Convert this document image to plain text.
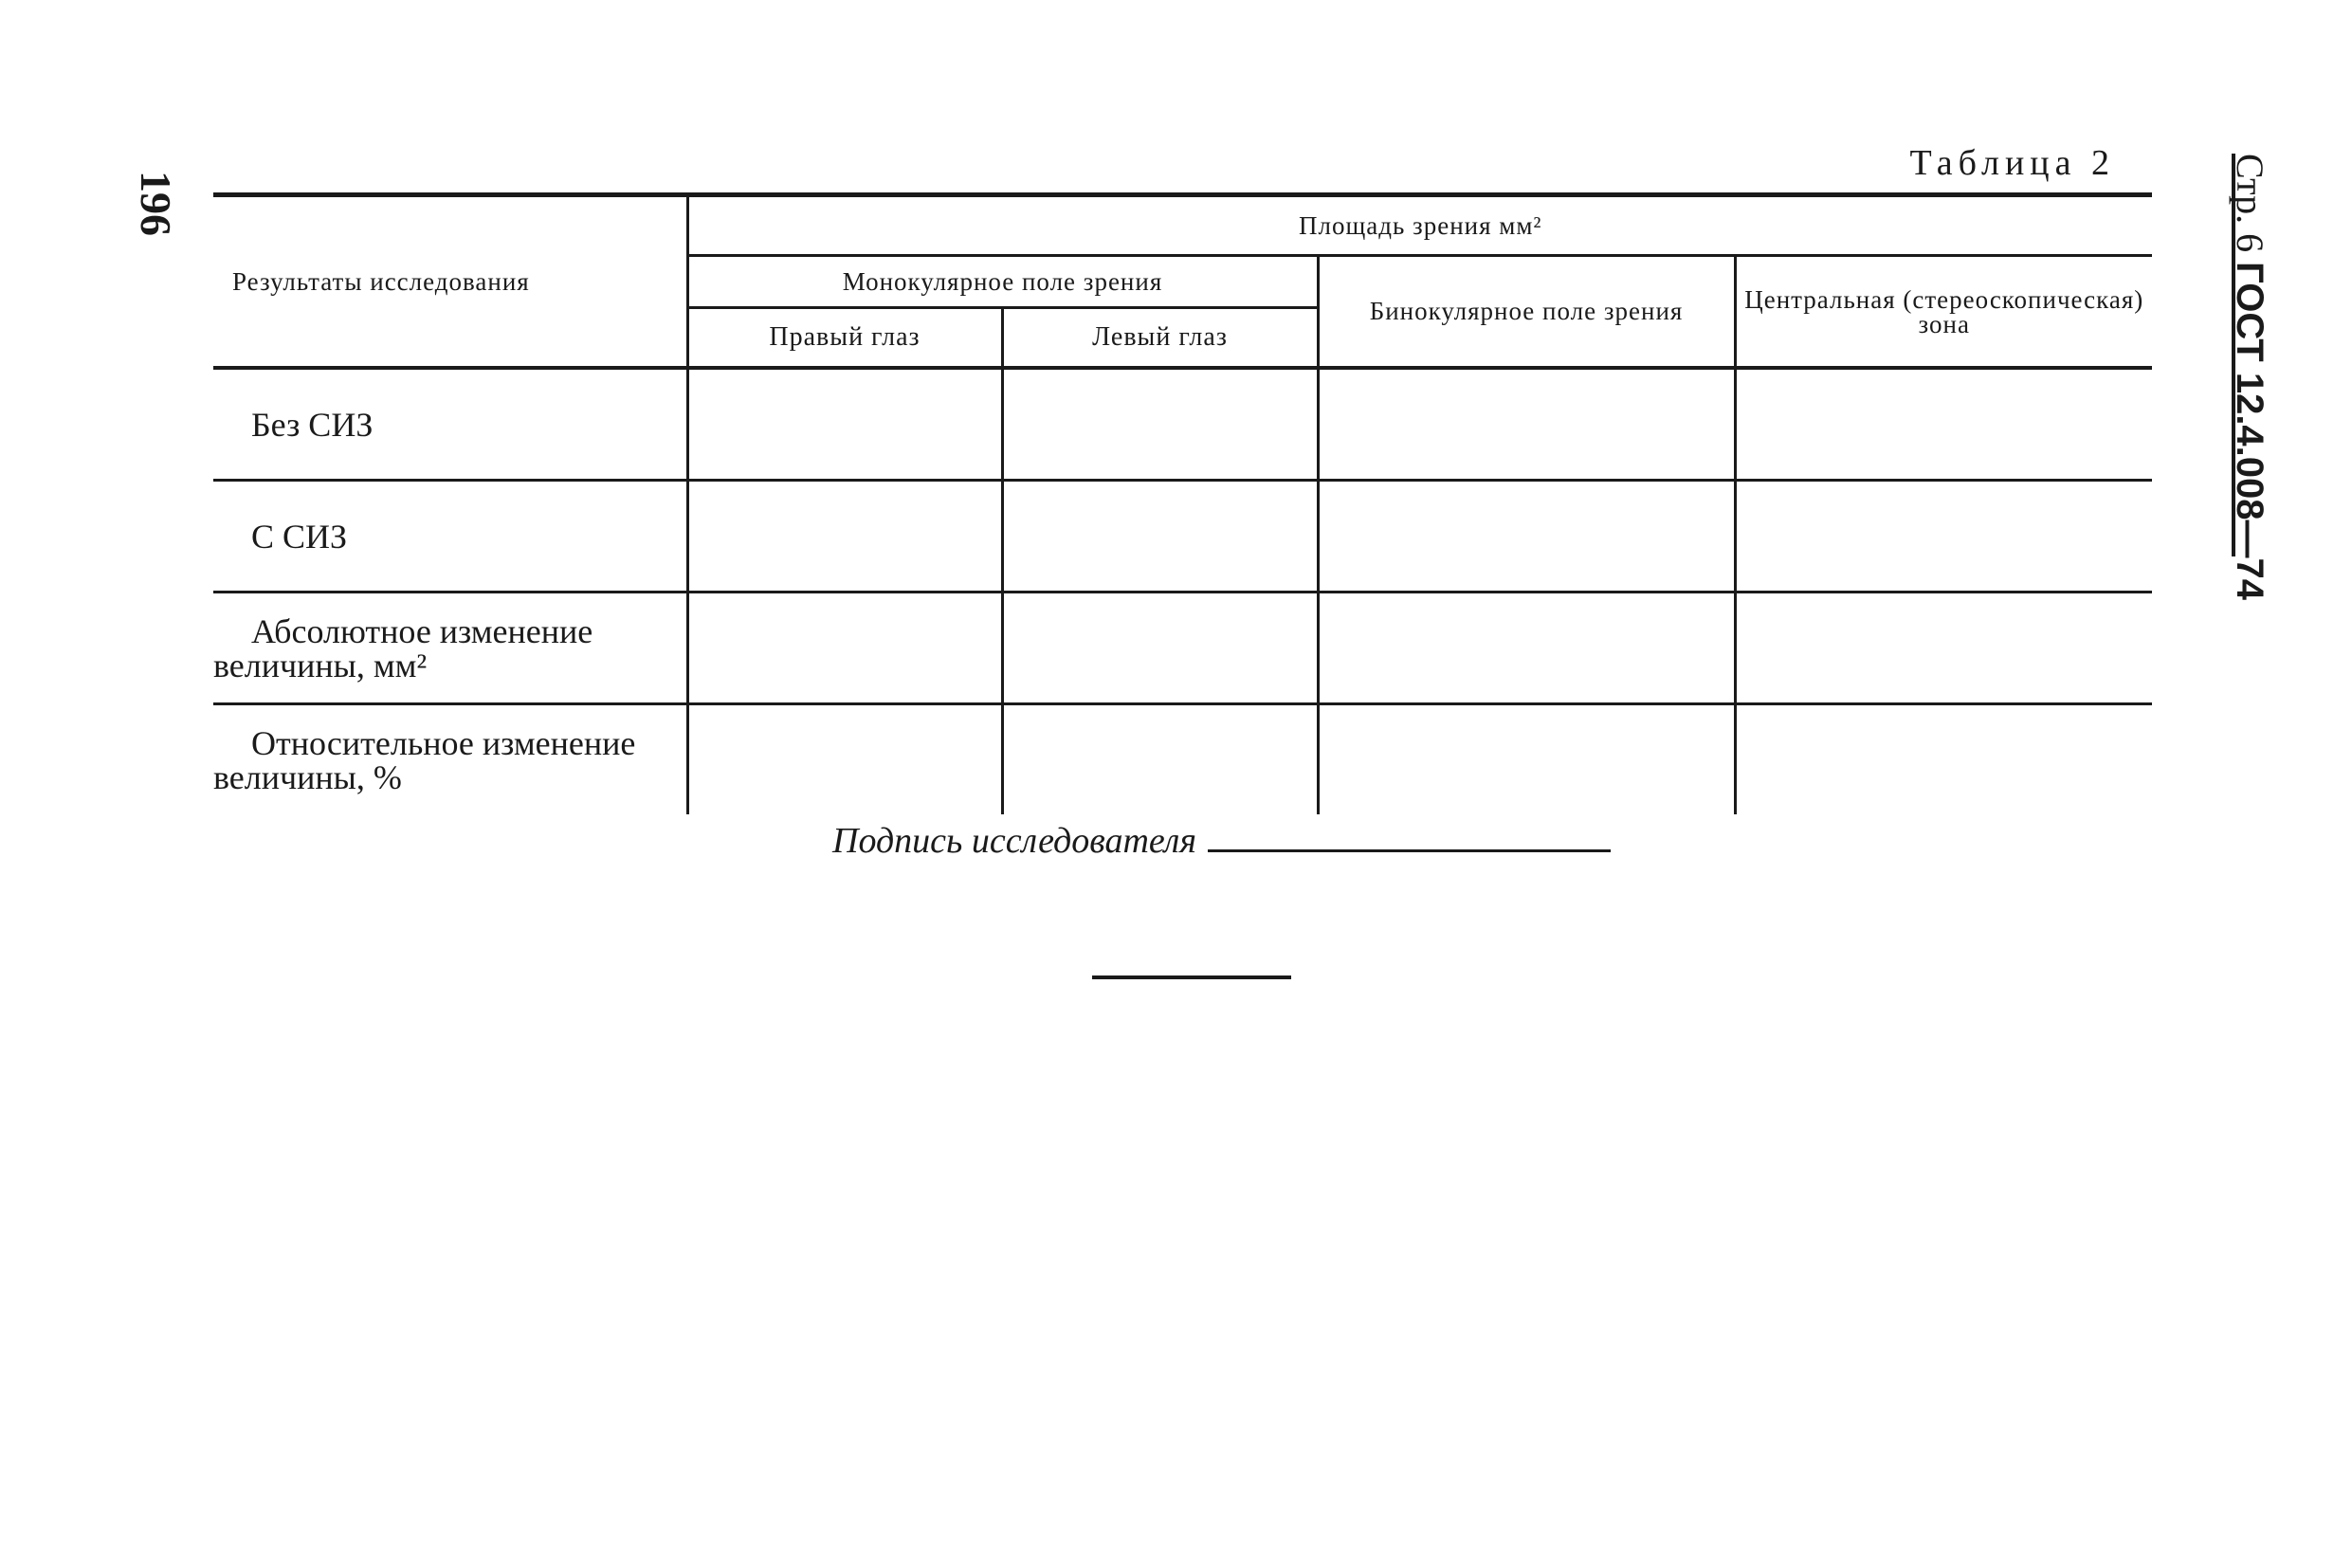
196	Стр. 6 ГОСТ 12.4.008—74
Таблица 2
Результаты исследования	Площадь зрения мм²			
	Монокулярное поле зрения		Бинокулярное поле зрения	Центральная (стереоскопическая) зона
	Правый глаз	Левый глаз		
Без СИЗ				
С СИЗ				

Абсолютное изменение
величины, мм²				

Относительное изменение
величины, %				

Подпись исследователя
